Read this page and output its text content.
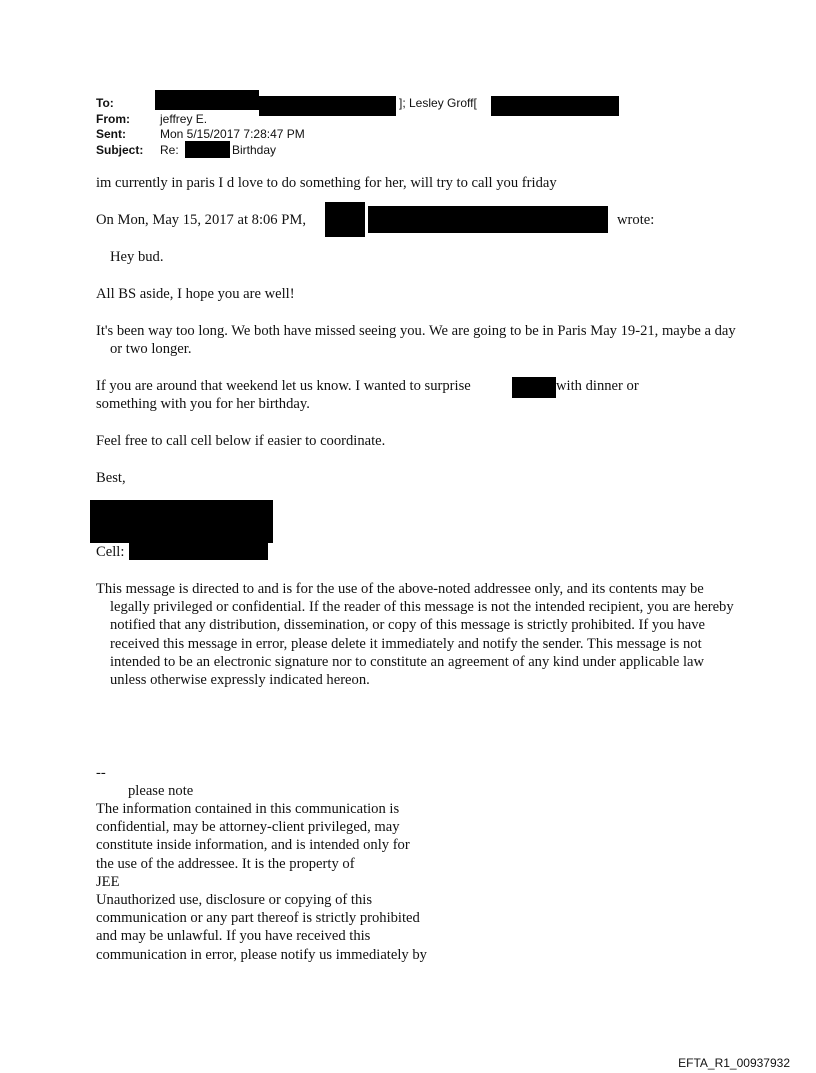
To:	]; Lesley Groff[
From:	jeffrey E.
Sent:	Mon 5/15/2017 7:28:47 PM
Subject: Re:	Birthday
im currently in paris I d love to do something for her, will try to call you friday
On Mon, May 15, 2017 at 8:06 PM,	wrote:
Hey bud.
All BS aside, I hope you are well!
It's been way too long. We both have missed seeing you. We are going to be in Paris May 19-21, maybe a day or two longer.
If you are around that weekend let us know. I wanted to surprise	with dinner or something with you for her birthday.
Feel free to call cell below if easier to coordinate.
Best,
Cell:
This message is directed to and is for the use of the above-noted addressee only, and its contents may be legally privileged or confidential. If the reader of this message is not the intended recipient, you are hereby notified that any distribution, dissemination, or copy of this message is strictly prohibited. If you have received this message in error, please delete it immediately and notify the sender. This message is not intended to be an electronic signature nor to constitute an agreement of any kind under applicable law unless otherwise expressly indicated hereon.
--
please note
The information contained in this communication is
confidential, may be attorney-client privileged, may
constitute inside information, and is intended only for
the use of the addressee. It is the property of
JEE
Unauthorized use, disclosure or copying of this
communication or any part thereof is strictly prohibited
and may be unlawful. If you have received this
communication in error, please notify us immediately by
EFTA_R1_00937932
